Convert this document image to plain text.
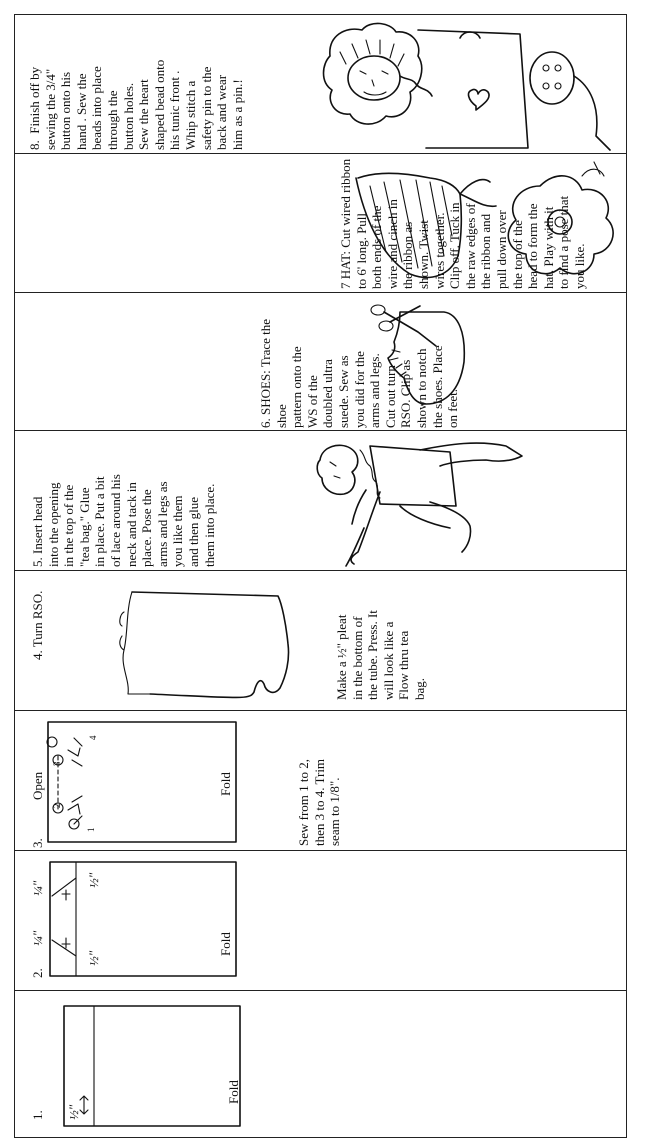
8.  Finish off by
sewing the 3/4"
button onto his
hand . Sew the
beads into place
through the
button holes.
Sew the heart
shaped bead onto
his tunic front .
Whip stitch a
safety pin to the
back and wear
him as a pin.!
7 HAT: Cut wired ribbon
to 6' long. Pull
both ends of the
wire and cinch in
the ribbon as
shown. Twist
wires together.
Clip off. Tuck in
the raw edges of
the ribbon and
pull down over
the top of the
head to form the
hat. Play with it
to find a pose that
you like.
6. SHOES: Trace the shoe
pattern onto the
WS of the
doubled ultra
suede. Sew as
you did for the
arms and legs.
Cut out turn
RSO. Clip as
shown to notch
the shoes. Place
on feet.
5. Insert head
into the opening
in the top of the
"tea bag." Glue
in place. Put a bit
of lace around his
neck and tack in
place. Pose the
arms and legs as
you like them
and then glue
them into place.
4. Turn RSO.
Make a ½" pleat
in the bottom of
the tube. Press. It
will look like a
Flow thru tea
bag.
3.
Open
1
2
3
4
Fold
Sew from 1 to 2,
then 3 to 4. Trim
seam to 1/8".
2.
¼"
¼"
½"
½"
Fold
1. ½"
Fold
